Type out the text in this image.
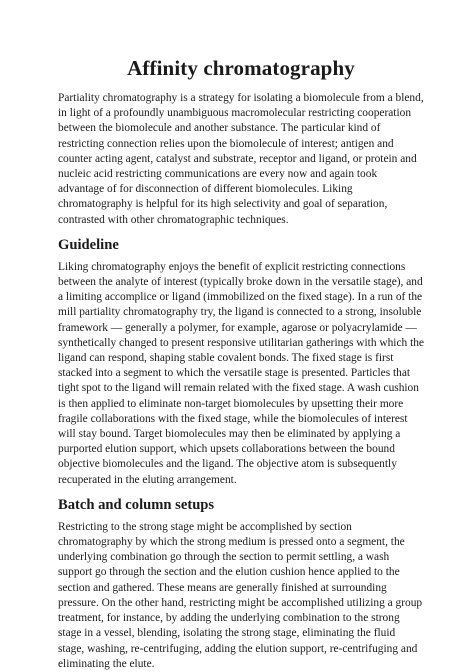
Affinity chromatography

Partiality chromatography is a strategy for isolating a biomolecule from a blend, in light of a profoundly unambiguous macromolecular restricting cooperation between the biomolecule and another substance. The particular kind of restricting connection relies upon the biomolecule of interest; antigen and counter acting agent, catalyst and substrate, receptor and ligand, or protein and nucleic acid restricting communications are every now and again took advantage of for disconnection of different biomolecules. Liking chromatography is helpful for its high selectivity and goal of separation, contrasted with other chromatographic techniques.

Guideline

Liking chromatography enjoys the benefit of explicit restricting connections between the analyte of interest (typically broke down in the versatile stage), and a limiting accomplice or ligand (immobilized on the fixed stage). In a run of the mill partiality chromatography try, the ligand is connected to a strong, insoluble framework — generally a polymer, for example, agarose or polyacrylamide — synthetically changed to present responsive utilitarian gatherings with which the ligand can respond, shaping stable covalent bonds. The fixed stage is first stacked into a segment to which the versatile stage is presented. Particles that tight spot to the ligand will remain related with the fixed stage. A wash cushion is then applied to eliminate non-target biomolecules by upsetting their more fragile collaborations with the fixed stage, while the biomolecules of interest will stay bound. Target biomolecules may then be eliminated by applying a purported elution support, which upsets collaborations between the bound objective biomolecules and the ligand. The objective atom is subsequently recuperated in the eluting arrangement.

Batch and column setups

Restricting to the strong stage might be accomplished by section chromatography by which the strong medium is pressed onto a segment, the underlying combination go through the section to permit settling, a wash support go through the section and the elution cushion hence applied to the section and gathered. These means are generally finished at surrounding pressure. On the other hand, restricting might be accomplished utilizing a group treatment, for instance, by adding the underlying combination to the strong stage in a vessel, blending, isolating the strong stage, eliminating the fluid stage, washing, re-centrifuging, adding the elution support, re-centrifuging and eliminating the elute.
